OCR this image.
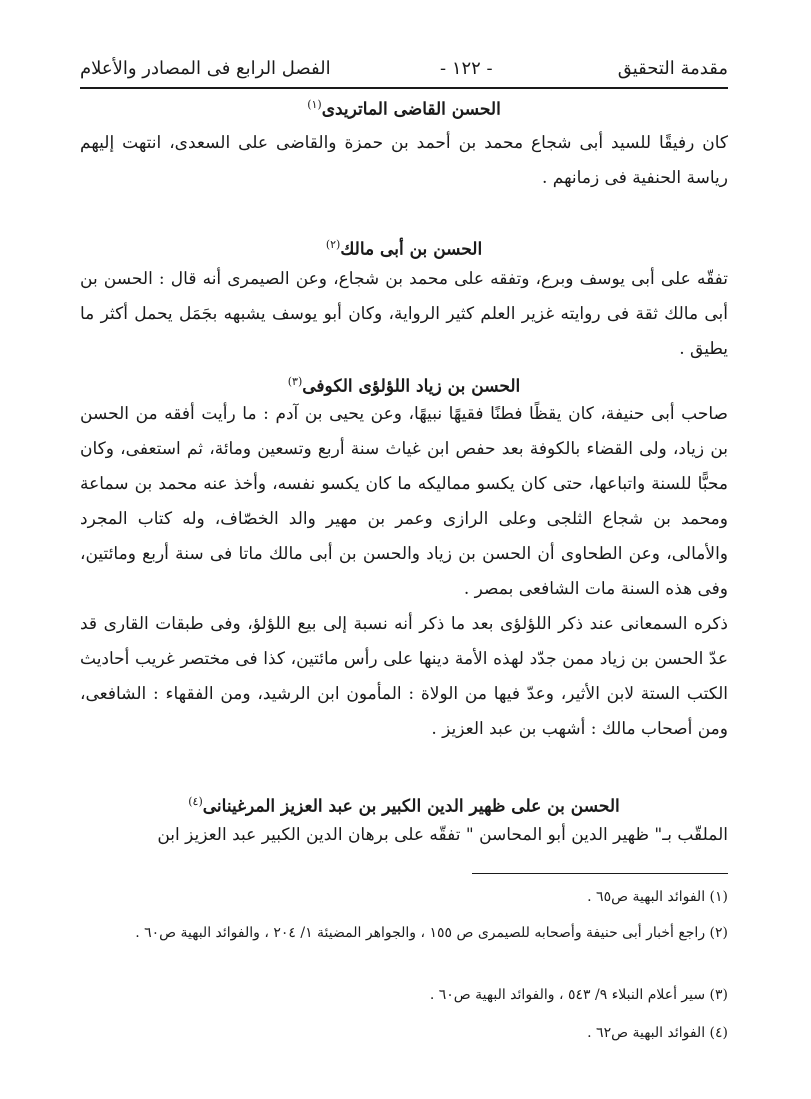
مقدمة التحقيق
- ١٢٢ -
الفصل الرابع فى المصادر والأعلام
الحسن القاضى الماتريدى$^{(١)}$
كان رفيقًا للسيد أبى شجاع محمد بن أحمد بن حمزة والقاضى على السعدى، انتهت إليهم رياسة الحنفية فى زمانهم .
الحسن بن أبى مالك$^{(٢)}$
تفقّه على أبى يوسف وبرع، وتفقه على محمد بن شجاع، وعن الصيمرى أنه قال : الحسن بن أبى مالك ثقة فى روايته غزير العلم كثير الرواية، وكان أبو يوسف يشبهه بجَمَل يحمل أكثر ما يطيق .
الحسن بن زياد اللؤلؤى الكوفى$^{(٣)}$
صاحب أبى حنيفة، كان يقظًا فطنًا فقيهًا نبيهًا، وعن يحيى بن آدم : ما رأيت أفقه من الحسن بن زياد، ولى القضاء بالكوفة بعد حفص ابن غياث سنة أربع وتسعين ومائة، ثم استعفى، وكان محبًّا للسنة واتباعها، حتى كان يكسو مماليكه ما كان يكسو نفسه، وأخذ عنه محمد بن سماعة ومحمد بن شجاع الثلجى وعلى الرازى وعمر بن مهير والد الخصّاف، وله كتاب المجرد والأمالى، وعن الطحاوى أن الحسن بن زياد والحسن بن أبى مالك ماتا فى سنة أربع ومائتين، وفى هذه السنة مات الشافعى بمصر .
ذكره السمعانى عند ذكر اللؤلؤى بعد ما ذكر أنه نسبة إلى بيع اللؤلؤ، وفى طبقات القارى قد عدّ الحسن بن زياد ممن جدّد لهذه الأمة دينها على رأس مائتين، كذا فى مختصر غريب أحاديث الكتب الستة لابن الأثير، وعدّ فيها من الولاة : المأمون ابن الرشيد، ومن الفقهاء : الشافعى، ومن أصحاب مالك : أشهب بن عبد العزيز .
الحسن بن على ظهير الدين الكبير بن عبد العزيز المرغينانى$^{(٤)}$
الملقّب بـ" ظهير الدين أبو المحاسن " تفقّه على برهان الدين الكبير عبد العزيز ابن
(١) الفوائد البهية ص٦٥ .
(٢) راجع أخبار أبى حنيفة وأصحابه للصيمرى ص ١٥٥ ، والجواهر المضيئة ١/ ٢٠٤ ، والفوائد البهية ص٦٠ .
(٣) سير أعلام النبلاء ٩/ ٥٤٣ ، والفوائد البهية ص٦٠ .
(٤) الفوائد البهية ص٦٢ .
